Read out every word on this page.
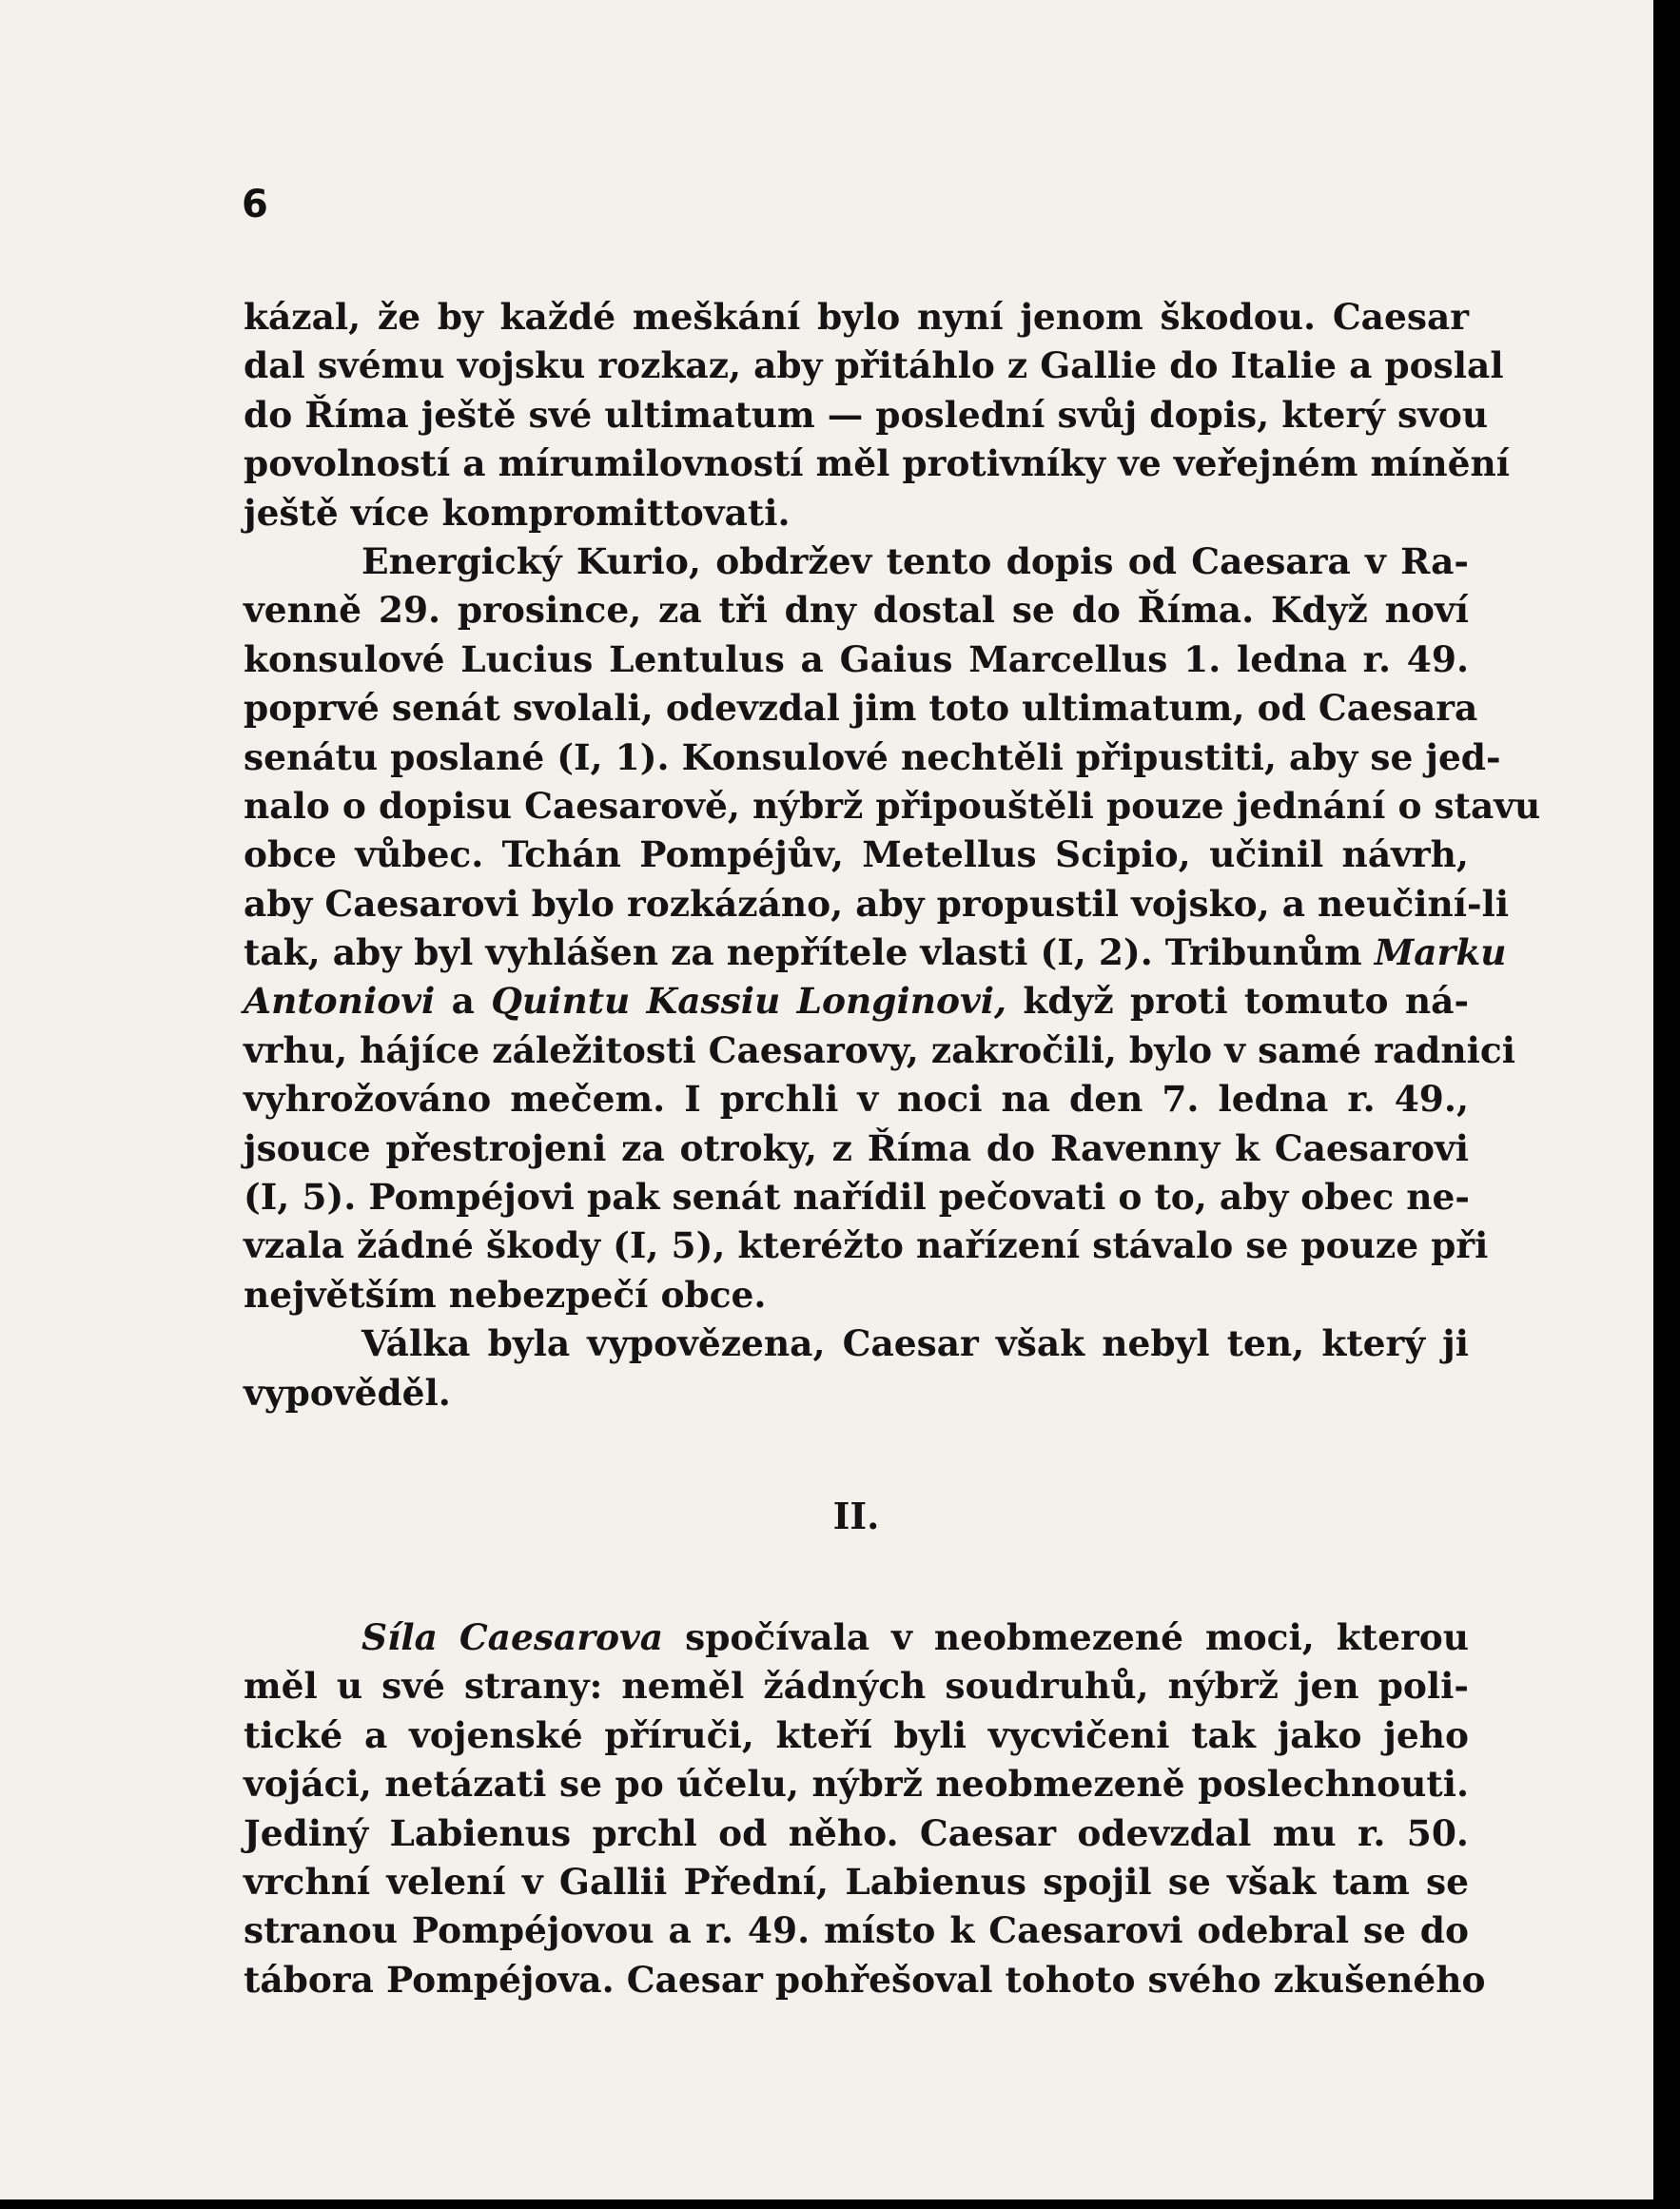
6
kázal, že by každé meškání bylo nyní jenom škodou. Caesar
dal svému vojsku rozkaz, aby přitáhlo z Gallie do Italie a poslal
do Říma ještě své ultimatum — poslední svůj dopis, který svou
povolností a mírumilovností měl protivníky ve veřejném mínění
ještě více kompromittovati.
Energický Kurio, obdržev tento dopis od Caesara v Ra-
venně 29. prosince, za tři dny dostal se do Říma. Když noví
konsulové Lucius Lentulus a Gaius Marcellus 1. ledna r. 49.
poprvé senát svolali, odevzdal jim toto ultimatum, od Caesara
senátu poslané (I, 1). Konsulové nechtěli připustiti, aby se jed-
nalo o dopisu Caesarově, nýbrž připouštěli pouze jednání o stavu
obce vůbec. Tchán Pompéjův, Metellus Scipio, učinil návrh,
aby Caesarovi bylo rozkázáno, aby propustil vojsko, a neučiní-li
tak, aby byl vyhlášen za nepřítele vlasti (I, 2). Tribunům Marku
Antoniovi a Quintu Kassiu Longinovi, když proti tomuto ná-
vrhu, hájíce záležitosti Caesarovy, zakročili, bylo v samé radnici
vyhrožováno mečem. I prchli v noci na den 7. ledna r. 49.,
jsouce přestrojeni za otroky, z Říma do Ravenny k Caesarovi
(I, 5). Pompéjovi pak senát nařídil pečovati o to, aby obec ne-
vzala žádné škody (I, 5), kteréžto nařízení stávalo se pouze při
největším nebezpečí obce.
Válka byla vypovězena, Caesar však nebyl ten, který ji
vypověděl.
II.
Síla Caesarova spočívala v neobmezené moci, kterou
měl u své strany: neměl žádných soudruhů, nýbrž jen poli-
tické a vojenské příruči, kteří byli vycvičeni tak jako jeho
vojáci, netázati se po účelu, nýbrž neobmezeně poslechnouti.
Jediný Labienus prchl od něho. Caesar odevzdal mu r. 50.
vrchní velení v Gallii Přední, Labienus spojil se však tam se
stranou Pompéjovou a r. 49. místo k Caesarovi odebral se do
tábora Pompéjova. Caesar pohřešoval tohoto svého zkušeného
